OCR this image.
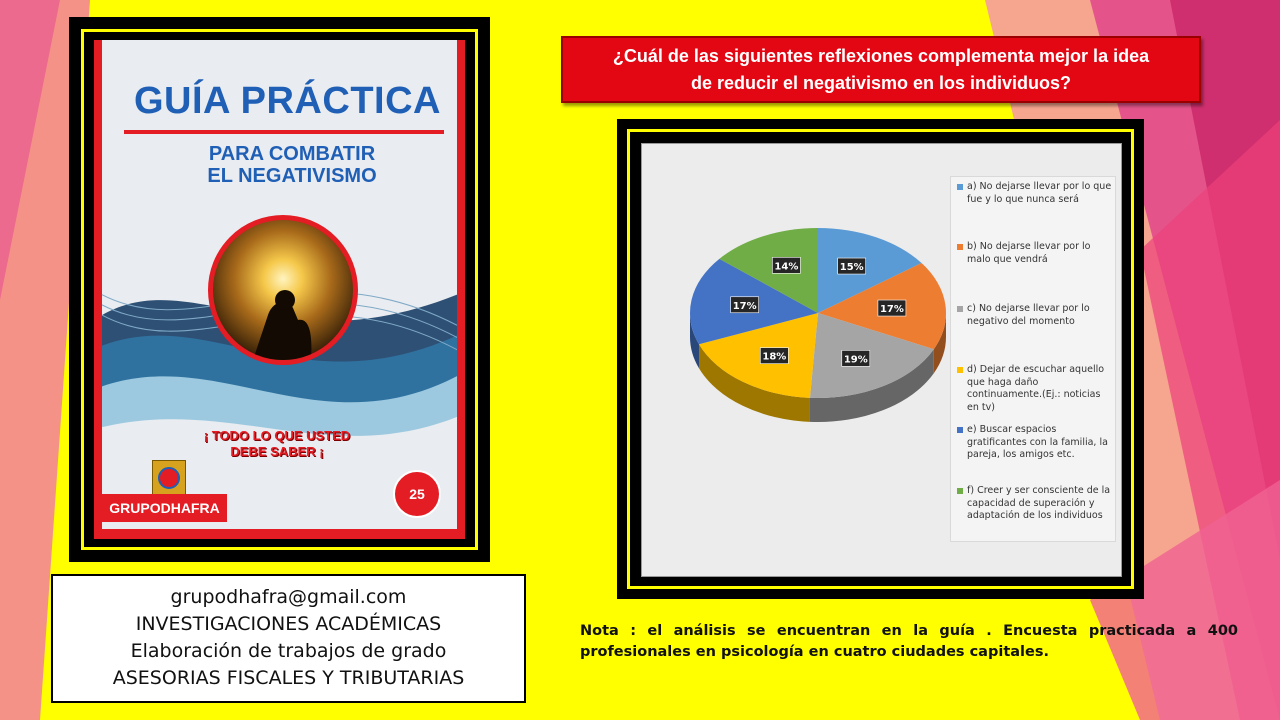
GUÍA PRÁCTICA
PARA COMBATIR
EL NEGATIVISMO
¡ TODO LO QUE USTED
DEBE SABER ¡
GRUPODHAFRA
25
grupodhafra@gmail.com
INVESTIGACIONES ACADÉMICAS
Elaboración de trabajos de grado
ASESORIAS FISCALES Y TRIBUTARIAS
¿Cuál de las siguientes reflexiones complementa mejor la idea
de reducir el negativismo en los individuos?
15%
17%
19%
18%
17%
14%
a) No dejarse llevar por lo que fue y lo que nunca será
b) No dejarse llevar por lo malo que vendrá
c) No dejarse llevar por lo negativo del momento
d) Dejar de escuchar aquello que haga daño continuamente.(Ej.: noticias en tv)
e) Buscar espacios gratificantes con la familia, la pareja, los amigos etc.
f) Creer y ser consciente de la capacidad de superación y adaptación de los individuos
Nota : el análisis se encuentran en la guía . Encuesta practicada a 400 profesionales en psicología en cuatro ciudades capitales.
